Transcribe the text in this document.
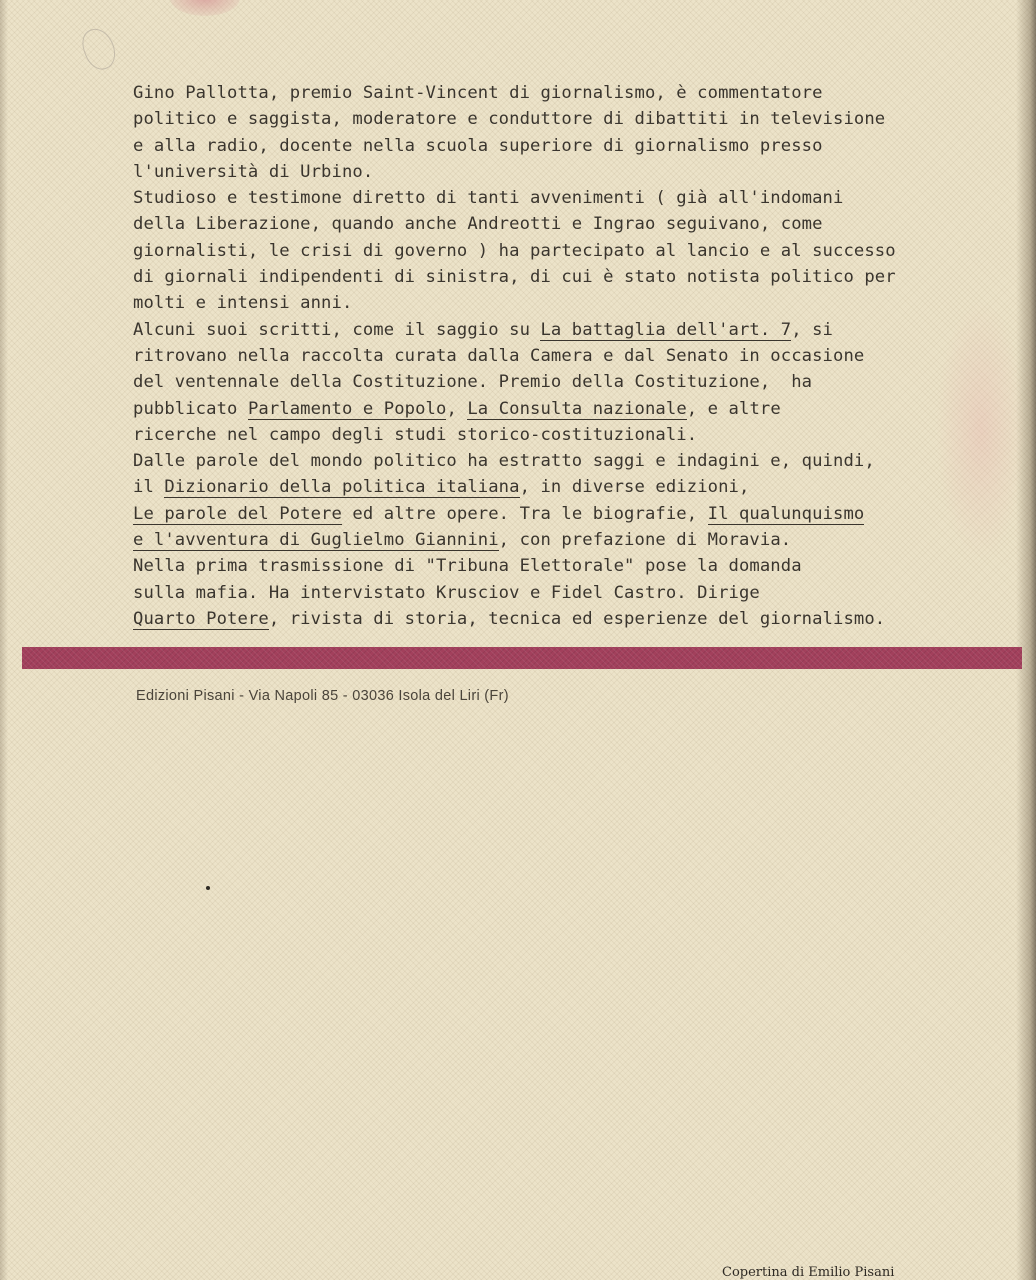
Gino Pallotta, premio Saint-Vincent di giornalismo, è commentatore
politico e saggista, moderatore e conduttore di dibattiti in televisione
e alla radio, docente nella scuola superiore di giornalismo presso
l'università di Urbino.
Studioso e testimone diretto di tanti avvenimenti ( già all'indomani
della Liberazione, quando anche Andreotti e Ingrao seguivano, come
giornalisti, le crisi di governo ) ha partecipato al lancio e al successo
di giornali indipendenti di sinistra, di cui è stato notista politico per
molti e intensi anni.
Alcuni suoi scritti, come il saggio su La battaglia dell'art. 7, si
ritrovano nella raccolta curata dalla Camera e dal Senato in occasione
del ventennale della Costituzione. Premio della Costituzione,  ha
pubblicato Parlamento e Popolo, La Consulta nazionale, e altre
ricerche nel campo degli studi storico-costituzionali.
Dalle parole del mondo politico ha estratto saggi e indagini e, quindi,
il Dizionario della politica italiana, in diverse edizioni,
Le parole del Potere ed altre opere. Tra le biografie, Il qualunquismo
e l'avventura di Guglielmo Giannini, con prefazione di Moravia.
Nella prima trasmissione di "Tribuna Elettorale" pose la domanda
sulla mafia. Ha intervistato Krusciov e Fidel Castro. Dirige
Quarto Potere, rivista di storia, tecnica ed esperienze del giornalismo.
Edizioni Pisani - Via Napoli 85 - 03036 Isola del Liri (Fr)
Copertina di Emilio Pisani
